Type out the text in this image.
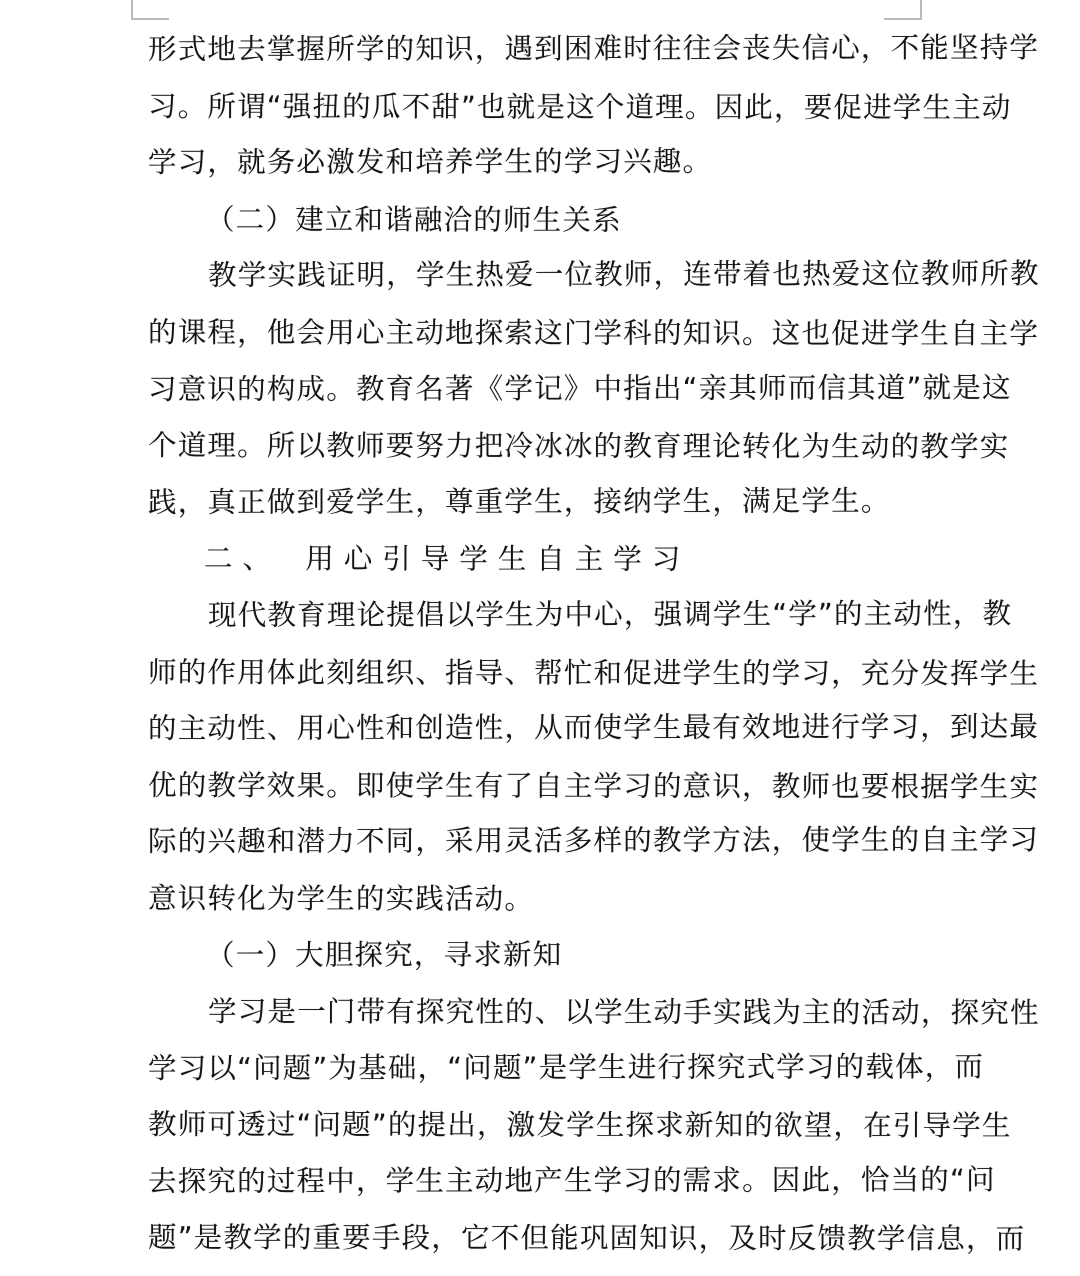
形 式 地 去 掌 握 所 学 的 知 识 ， 遇 到 困 难 时 往 往 会 丧 失 信 心 ， 不 能 坚 持 学
习 。 所 谓 “ 强 扭 的 瓜 不 甜 ” 也 就 是 这 个 道 理 。 因 此 ， 要 促 进 学 生 主 动
学习，就务必激发和培养学生的学习兴趣。
（二）建立和谐融洽的师生关系
教 学 实 践 证 明 ， 学 生 热 爱 一 位 教 师 ， 连 带 着 也 热 爱 这 位 教 师 所 教
的 课 程 ， 他 会 用 心 主 动 地 探 索 这 门 学 科 的 知 识 。 这 也 促 进 学 生 自 主 学
习 意 识 的 构 成 。 教 育 名 著 《 学 记 》 中 指 出 “ 亲 其 师 而 信 其 道 ” 就 是 这
个 道 理 。 所 以 教 师 要 努 力 把 冷 冰 冰 的 教 育 理 论 转 化 为 生 动 的 教 学 实
践，真正做到爱学生，尊重学生，接纳学生，满足学生。
二、　用心引导学生自主学习
现 代 教 育 理 论 提 倡 以 学 生 为 中 心 ， 强 调 学 生 “ 学 ” 的 主 动 性 ， 教
师 的 作 用 体 此 刻 组 织 、 指 导 、 帮 忙 和 促 进 学 生 的 学 习 ， 充 分 发 挥 学 生
的 主 动 性 、 用 心 性 和 创 造 性 ， 从 而 使 学 生 最 有 效 地 进 行 学 习 ， 到 达 最
优 的 教 学 效 果 。 即 使 学 生 有 了 自 主 学 习 的 意 识 ， 教 师 也 要 根 据 学 生 实
际 的 兴 趣 和 潜 力 不 同 ， 采 用 灵 活 多 样 的 教 学 方 法 ， 使 学 生 的 自 主 学 习
意识转化为学生的实践活动。
（一）大胆探究，寻求新知
学 习 是 一 门 带 有 探 究 性 的 、 以 学 生 动 手 实 践 为 主 的 活 动 ， 探 究 性
学 习 以 “ 问 题 ” 为 基 础 ， “ 问 题 ” 是 学 生 进 行 探 究 式 学 习 的 载 体 ， 而
教 师 可 透 过 “ 问 题 ” 的 提 出 ， 激 发 学 生 探 求 新 知 的 欲 望 ， 在 引 导 学 生
去 探 究 的 过 程 中 ， 学 生 主 动 地 产 生 学 习 的 需 求 。 因 此 ， 恰 当 的 “ 问
题 ” 是 教 学 的 重 要 手 段 ， 它 不 但 能 巩 固 知 识 ， 及 时 反 馈 教 学 信 息 ， 而
